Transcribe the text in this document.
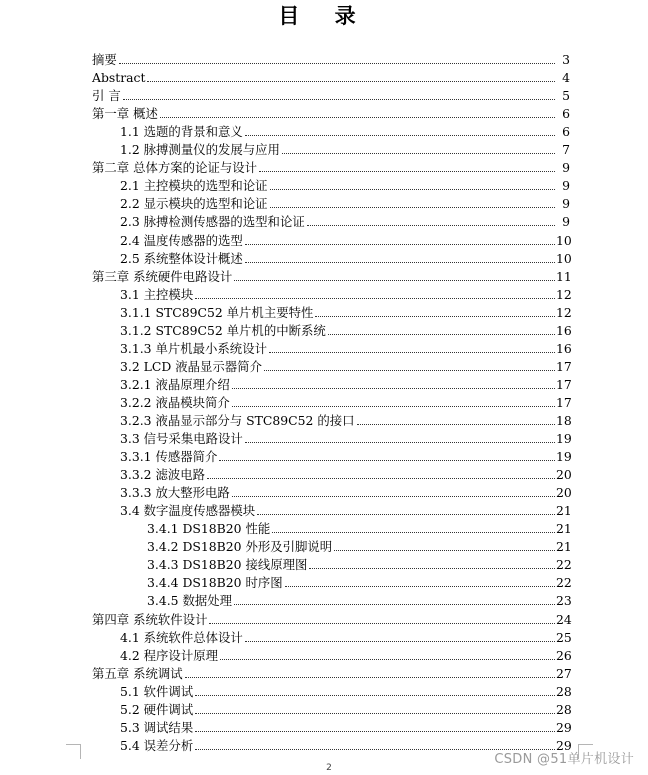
目 录
摘要	3
Abstract	4
引 言	5
第一章 概述	6
1.1 选题的背景和意义	6
1.2 脉搏测量仪的发展与应用	7
第二章 总体方案的论证与设计	9
2.1 主控模块的选型和论证	9
2.2 显示模块的选型和论证	9
2.3 脉搏检测传感器的选型和论证	9
2.4 温度传感器的选型	10
2.5 系统整体设计概述	10
第三章 系统硬件电路设计	11
3.1 主控模块	12
3.1.1 STC89C52 单片机主要特性	12
3.1.2 STC89C52 单片机的中断系统	16
3.1.3 单片机最小系统设计	16
3.2 LCD 液晶显示器简介	17
3.2.1 液晶原理介绍	17
3.2.2 液晶模块简介	17
3.2.3 液晶显示部分与 STC89C52 的接口	18
3.3 信号采集电路设计	19
3.3.1 传感器简介	19
3.3.2 滤波电路	20
3.3.3 放大整形电路	20
3.4 数字温度传感器模块	21
3.4.1 DS18B20 性能	21
3.4.2 DS18B20 外形及引脚说明	21
3.4.3 DS18B20 接线原理图	22
3.4.4 DS18B20 时序图	22
3.4.5 数据处理	23
第四章 系统软件设计	24
4.1 系统软件总体设计	25
4.2 程序设计原理	26
第五章 系统调试	27
5.1 软件调试	28
5.2 硬件调试	28
5.3 调试结果	29
5.4 误差分析	29
2
CSDN @51单片机设计
